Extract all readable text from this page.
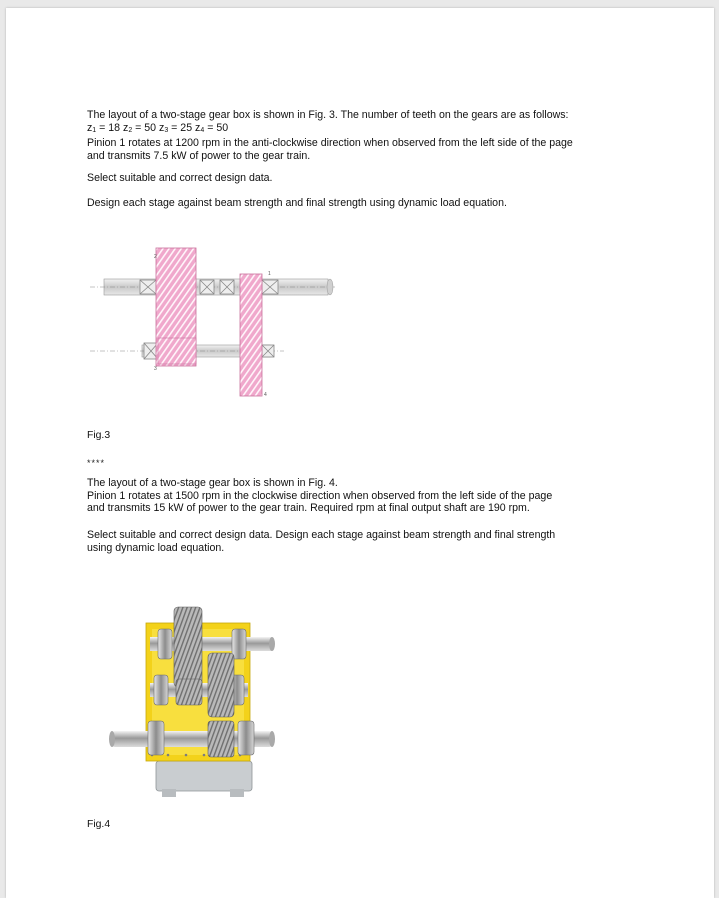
The layout of a two-stage gear box is shown in Fig. 3. The number of teeth on the gears are as follows:
z1 = 18 z2 = 50 z3 = 25 z4 = 50
Pinion 1 rotates at 1200 rpm in the anti-clockwise direction when observed from the left side of the page
and transmits 7.5 kW of power to the gear train.

Select suitable and correct design data.

Design each stage against beam strength and final strength using dynamic load equation.

2
1
3
4
Fig.3
****

The layout of a two-stage gear box is shown in Fig. 4.
Pinion 1 rotates at 1500 rpm in the clockwise direction when observed from the left side of the page
and transmits 15 kW of power to the gear train. Required rpm at final output shaft are 190 rpm.

Select suitable and correct design data. Design each stage against beam strength and final strength
using dynamic load equation.

Fig.4
